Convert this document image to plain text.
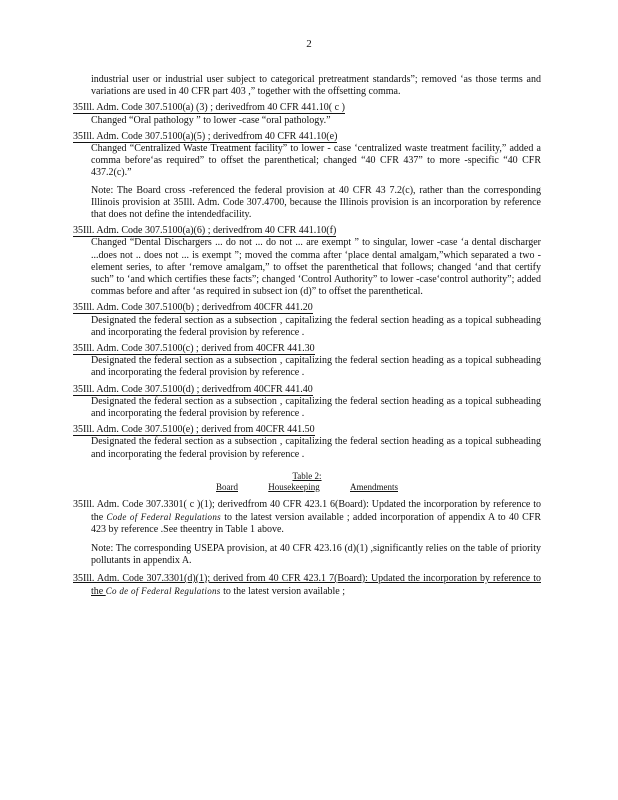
2
industrial user or industrial user subject to categorical pretreatment standards”; removed ‘as those terms and variations are used in 40 CFR part 403 ,” together with the offsetting comma.
35Ill. Adm. Code 307.5100(a) (3) ; derivedfrom 40 CFR 441.10( c )
Changed “Oral pathology ” to lower -case “oral pathology.”
35Ill. Adm. Code 307.5100(a)(5) ; derivedfrom 40 CFR 441.10(e)
Changed “Centralized Waste Treatment facility” to lower - case ‘centralized waste treatment facility,” added a comma before‘as required” to offset the parenthetical; changed “40 CFR 437” to more -specific “40 CFR 437.2(c).”
Note: The Board cross -referenced the federal provision at 40 CFR 43 7.2(c), rather than the corresponding Illinois provision at 35Ill. Adm. Code 307.4700, because the Illinois provision is an incorporation by reference that does not define the intendedfacility.
35Ill. Adm. Code 307.5100(a)(6) ; derivedfrom 40 CFR 441.10(f)
Changed “Dental Dischargers ... do not ... do not ... are exempt ” to singular, lower -case ‘a dental discharger ...does not .. does not ... is exempt ”; moved the comma after ‘place dental amalgam,”which separated a two - element series, to after ‘remove amalgam,” to offset the parenthetical that follows; changed ‘and that certify such” to ‘and which certifies these facts”; changed ‘Control Authority” to lower -case‘control authority”; added commas before and after ‘as required in subsect ion (d)” to offset the parenthetical.
35Ill. Adm. Code 307.5100(b) ; derivedfrom 40CFR 441.20
Designated the federal section as a subsection , capitalizing the federal section heading as a topical subheading and incorporating the federal provision by reference .
35Ill. Adm. Code 307.5100(c) ; derived from 40CFR 441.30
Designated the federal section as a subsection , capitalizing the federal section heading as a topical subheading and incorporating the federal provision by reference .
35Ill. Adm. Code 307.5100(d) ; derivedfrom 40CFR 441.40
Designated the federal section as a subsection , capitalizing the federal section heading as a topical subheading and incorporating the federal provision by reference .
35Ill. Adm. Code 307.5100(e) ; derived from 40CFR 441.50
Designated the federal section as a subsection , capitalizing the federal section heading as a topical subheading and incorporating the federal provision by reference .
Table 2:
Board	Housekeeping	Amendments
35Ill. Adm. Code 307.3301( c )(1); derivedfrom 40 CFR 423.1 6(Board): Updated the incorporation by reference to the Code of Federal Regulations to the latest version available ; added incorporation of appendix A to 40 CFR 423 by reference .See theentry in Table 1 above.
Note: The corresponding USEPA provision, at 40 CFR 423.16 (d)(1) ,significantly relies on the table of priority pollutants in appendix A.
35Ill. Adm. Code 307.3301(d)(1); derived from 40 CFR 423.1 7(Board): Updated the incorporation by reference to the Co de of Federal Regulations to the latest version available ;
